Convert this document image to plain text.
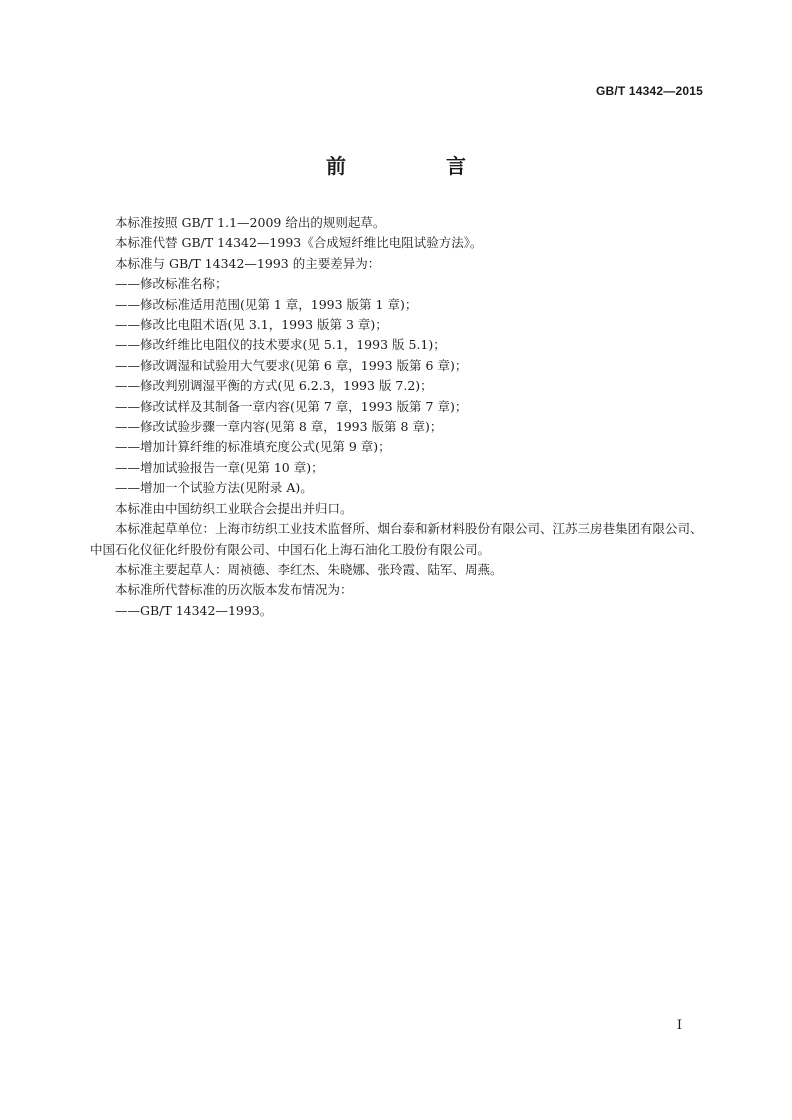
GB/T 14342—2015
前　言

本标准按照 GB/T 1.1—2009 给出的规则起草。

本标准代替 GB/T 14342—1993《合成短纤维比电阻试验方法》。

本标准与 GB/T 14342—1993 的主要差异为：

——修改标准名称；

——修改标准适用范围(见第 1 章，1993 版第 1 章)；

——修改比电阻术语(见 3.1，1993 版第 3 章)；

——修改纤维比电阻仪的技术要求(见 5.1，1993 版 5.1)；

——修改调湿和试验用大气要求(见第 6 章，1993 版第 6 章)；

——修改判别调湿平衡的方式(见 6.2.3，1993 版 7.2)；

——修改试样及其制备一章内容(见第 7 章，1993 版第 7 章)；

——修改试验步骤一章内容(见第 8 章，1993 版第 8 章)；

——增加计算纤维的标准填充度公式(见第 9 章)；

——增加试验报告一章(见第 10 章)；

——增加一个试验方法(见附录 A)。

本标准由中国纺织工业联合会提出并归口。

本标准起草单位：上海市纺织工业技术监督所、烟台泰和新材料股份有限公司、江苏三房巷集团有限公司、中国石化仪征化纤股份有限公司、中国石化上海石油化工股份有限公司。

本标准主要起草人：周祯德、李红杰、朱晓娜、张玲霞、陆军、周燕。

本标准所代替标准的历次版本发布情况为：

——GB/T 14342—1993。

I
